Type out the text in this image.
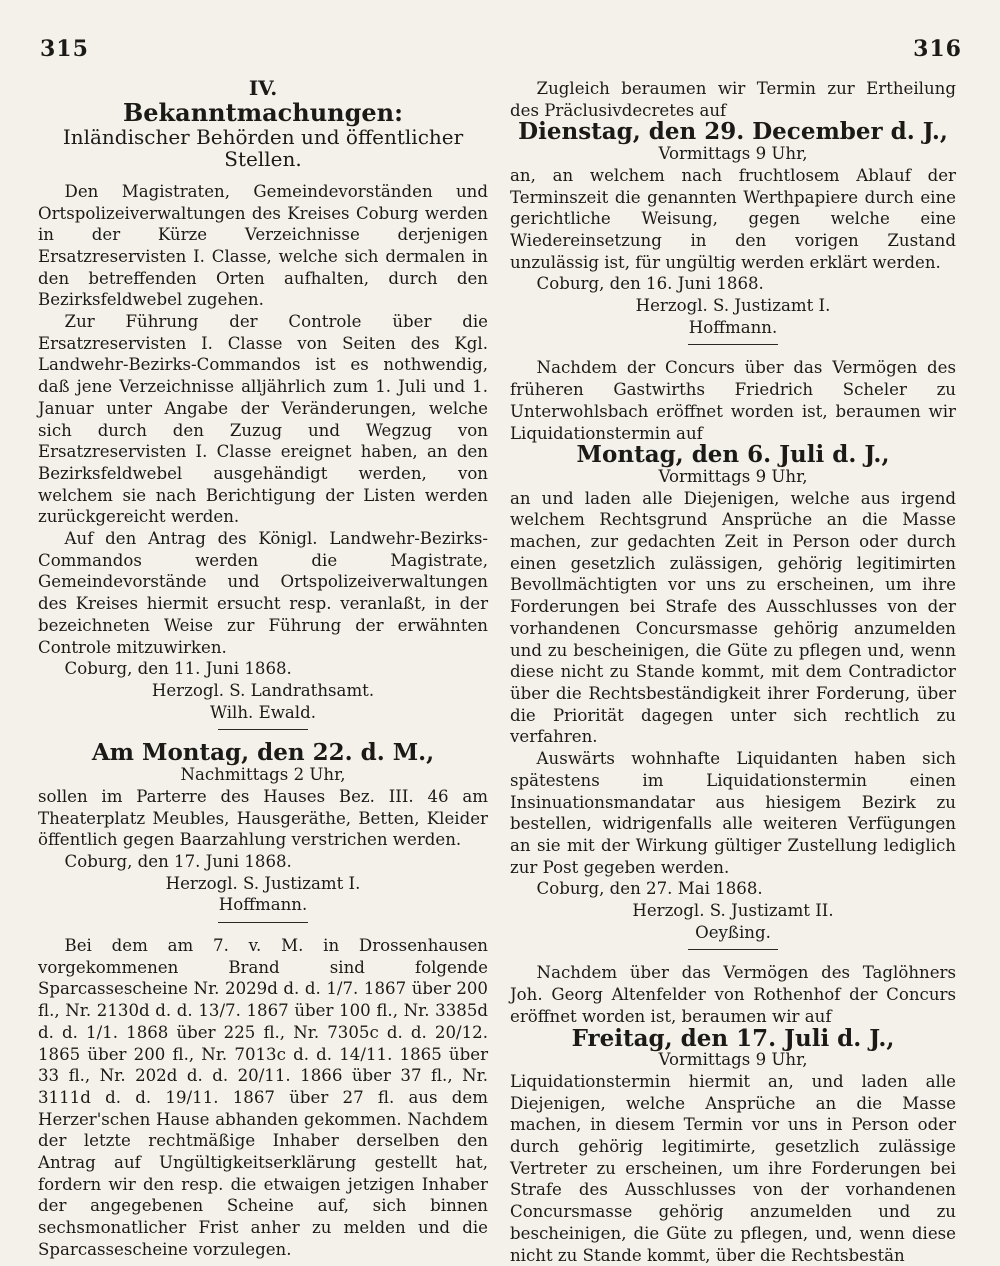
315	316

IV.

Bekanntmachungen:

Inländischer Behörden und öffentlicher Stellen.

Den Magistraten, Gemeindevorständen und Ortspolizeiverwaltungen des Kreises Coburg werden in der Kürze Verzeichnisse derjenigen Ersatzreservisten I. Classe, welche sich dermalen in den betreffenden Orten aufhalten, durch den Bezirksfeldwebel zugehen.

Zur Führung der Controle über die Ersatzreservisten I. Classe von Seiten des Kgl. Landwehr-Bezirks-Commandos ist es nothwendig, daß jene Verzeichnisse alljährlich zum 1. Juli und 1. Januar unter Angabe der Veränderungen, welche sich durch den Zuzug und Wegzug von Ersatzreservisten I. Classe ereignet haben, an den Bezirksfeldwebel ausgehändigt werden, von welchem sie nach Berichtigung der Listen werden zurückgereicht werden.

Auf den Antrag des Königl. Landwehr-Bezirks-Commandos werden die Magistrate, Gemeindevorstände und Ortspolizeiverwaltungen des Kreises hiermit ersucht resp. veranlaßt, in der bezeichneten Weise zur Führung der erwähnten Controle mitzuwirken.

Coburg, den 11. Juni 1868.

Herzogl. S. Landrathsamt.

Wilh. Ewald.

Am Montag, den 22. d. M.,

Nachmittags 2 Uhr,

sollen im Parterre des Hauses Bez. III. 46 am Theaterplatz Meubles, Hausgeräthe, Betten, Kleider öffentlich gegen Baarzahlung verstrichen werden.

Coburg, den 17. Juni 1868.

Herzogl. S. Justizamt I.

Hoffmann.

Bei dem am 7. v. M. in Drossenhausen vorgekommenen Brand sind folgende Sparcassescheine Nr. 2029d d. d. 1/7. 1867 über 200 fl., Nr. 2130d d. d. 13/7. 1867 über 100 fl., Nr. 3385d d. d. 1/1. 1868 über 225 fl., Nr. 7305c d. d. 20/12. 1865 über 200 fl., Nr. 7013c d. d. 14/11. 1865 über 33 fl., Nr. 202d d. d. 20/11. 1866 über 37 fl., Nr. 3111d d. d. 19/11. 1867 über 27 fl. aus dem Herzer'schen Hause abhanden gekommen. Nachdem der letzte rechtmäßige Inhaber derselben den Antrag auf Ungültigkeitserklärung gestellt hat, fordern wir den resp. die etwaigen jetzigen Inhaber der angegebenen Scheine auf, sich binnen sechsmonatlicher Frist anher zu melden und die Sparcassescheine vorzulegen.

Zugleich beraumen wir Termin zur Ertheilung des Präclusivdecretes auf

Dienstag, den 29. December d. J.,

Vormittags 9 Uhr,

an, an welchem nach fruchtlosem Ablauf der Terminszeit die genannten Werthpapiere durch eine gerichtliche Weisung, gegen welche eine Wiedereinsetzung in den vorigen Zustand unzulässig ist, für ungültig werden erklärt werden.

Coburg, den 16. Juni 1868.

Herzogl. S. Justizamt I.

Hoffmann.

Nachdem der Concurs über das Vermögen des früheren Gastwirths Friedrich Scheler zu Unterwohlsbach eröffnet worden ist, beraumen wir Liquidationstermin auf

Montag, den 6. Juli d. J.,

Vormittags 9 Uhr,

an und laden alle Diejenigen, welche aus irgend welchem Rechtsgrund Ansprüche an die Masse machen, zur gedachten Zeit in Person oder durch einen gesetzlich zulässigen, gehörig legitimirten Bevollmächtigten vor uns zu erscheinen, um ihre Forderungen bei Strafe des Ausschlusses von der vorhandenen Concursmasse gehörig anzumelden und zu bescheinigen, die Güte zu pflegen und, wenn diese nicht zu Stande kommt, mit dem Contradictor über die Rechtsbeständigkeit ihrer Forderung, über die Priorität dagegen unter sich rechtlich zu verfahren.

Auswärts wohnhafte Liquidanten haben sich spätestens im Liquidationstermin einen Insinuationsmandatar aus hiesigem Bezirk zu bestellen, widrigenfalls alle weiteren Verfügungen an sie mit der Wirkung gültiger Zustellung lediglich zur Post gegeben werden.

Coburg, den 27. Mai 1868.

Herzogl. S. Justizamt II.

Oeyßing.

Nachdem über das Vermögen des Taglöhners Joh. Georg Altenfelder von Rothenhof der Concurs eröffnet worden ist, beraumen wir auf

Freitag, den 17. Juli d. J.,

Vormittags 9 Uhr,

Liquidationstermin hiermit an, und laden alle Diejenigen, welche Ansprüche an die Masse machen, in diesem Termin vor uns in Person oder durch gehörig legitimirte, gesetzlich zulässige Vertreter zu erscheinen, um ihre Forderungen bei Strafe des Ausschlusses von der vorhandenen Concursmasse gehörig anzumelden und zu bescheinigen, die Güte zu pflegen, und, wenn diese nicht zu Stande kommt, über die Rechtsbestän
